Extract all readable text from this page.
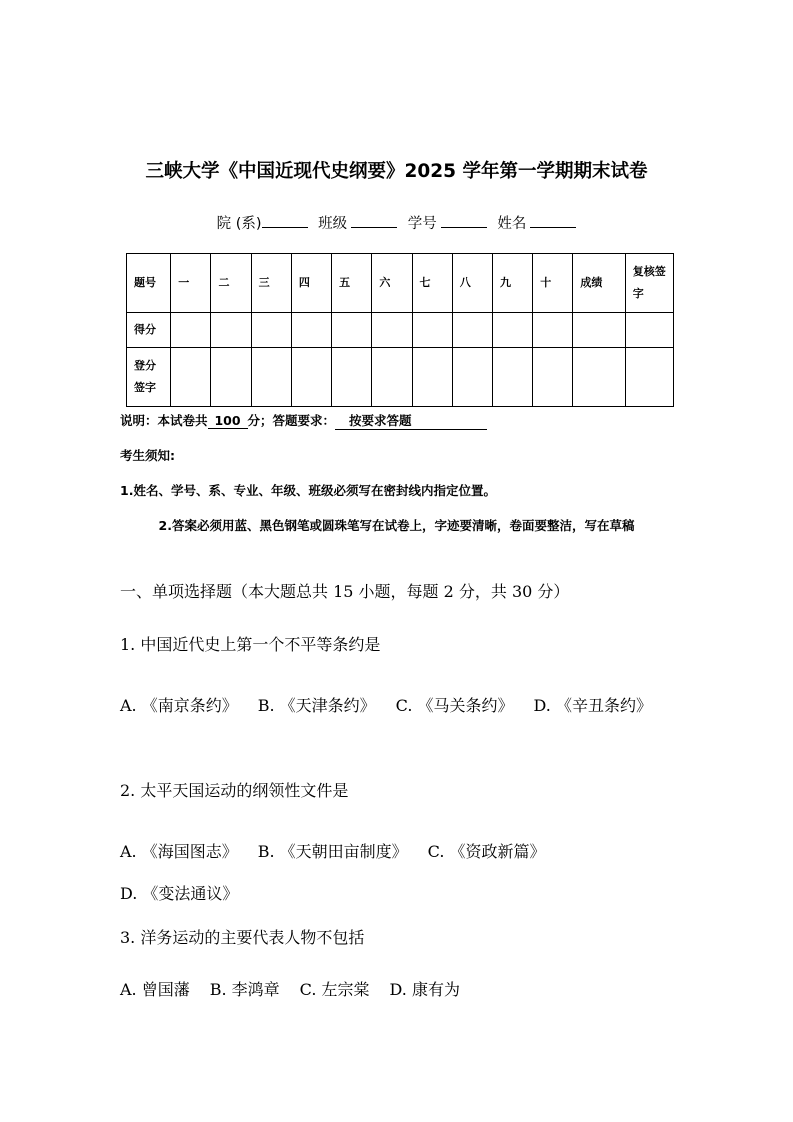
三峡大学《中国近现代史纲要》2025 学年第一学期期末试卷
院 (系)	班级	学号	姓名
题号	一	二	三	四	五	六	七	八	九	十	成绩	复核签字
得分												
登分签字												
说明：本试卷共 100 分；答题要求： 按要求答题
考生须知:
1.姓名、学号、系、专业、年级、班级必须写在密封线内指定位置。
2.答案必须用蓝、黑色钢笔或圆珠笔写在试卷上，字迹要清晰，卷面要整洁，写在草稿
一、单项选择题（本大题总共 15 小题，每题 2 分，共 30 分）
1. 中国近代史上第一个不平等条约是
A. 《南京条约》 B. 《天津条约》 C. 《马关条约》 D. 《辛丑条约》
2. 太平天国运动的纲领性文件是
A. 《海国图志》 B. 《天朝田亩制度》 C. 《资政新篇》D. 《变法通议》
3. 洋务运动的主要代表人物不包括
A. 曾国藩 B. 李鸿章 C. 左宗棠 D. 康有为
